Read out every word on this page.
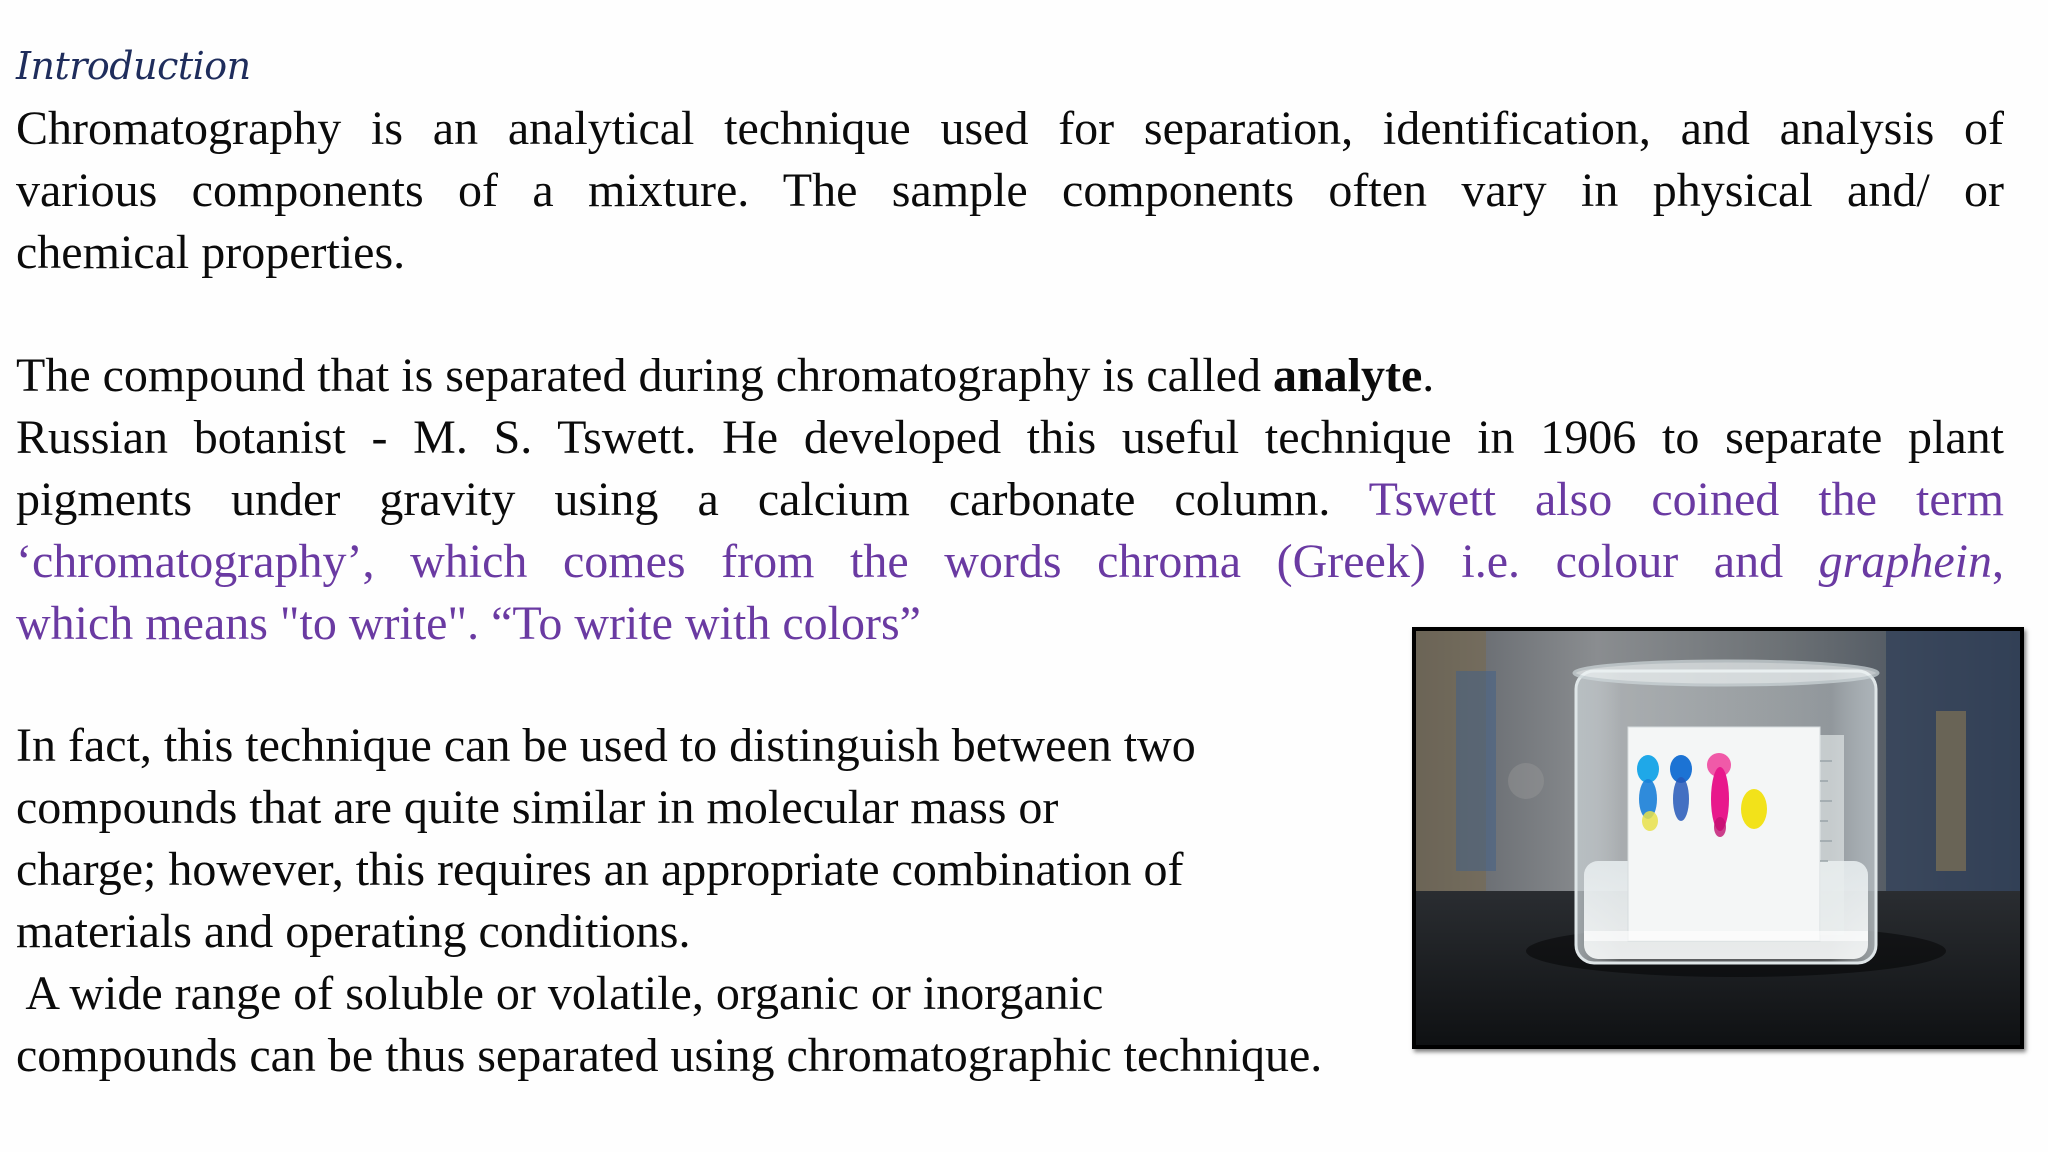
Introduction
Chromatography is an analytical technique used for separation, identification, and analysis of
various components of a mixture. The sample components often vary in physical and/ or
chemical properties.
The compound that is separated during chromatography is called analyte.
Russian botanist - M. S. Tswett. He developed this useful technique in 1906 to separate plant
pigments under gravity using a calcium carbonate column. Tswett also coined the term
‘chromatography’, which comes from the words chroma (Greek) i.e. colour and graphein,
which means "to write". “To write with colors”
In fact, this technique can be used to distinguish between two
compounds that are quite similar in molecular mass or
charge; however, this requires an appropriate combination of
materials and operating conditions.
A wide range of soluble or volatile, organic or inorganic
compounds can be thus separated using chromatographic technique.
